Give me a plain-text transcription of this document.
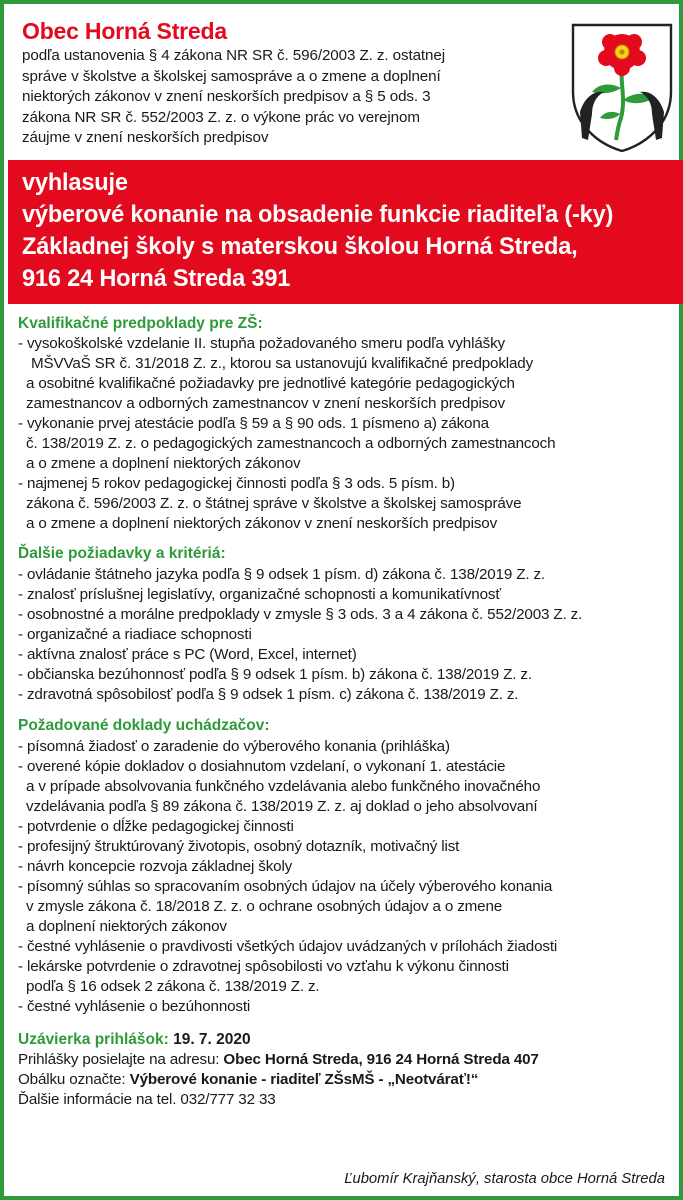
Obec Horná Streda
podľa ustanovenia § 4 zákona NR SR č. 596/2003 Z. z. ostatnej
správe v školstve a školskej samospráve a o zmene a doplnení
niektorých zákonov v znení neskorších predpisov a § 5 ods. 3
zákona NR SR č. 552/2003 Z. z. o výkone prác vo verejnom
záujme v znení neskorších predpisov

vyhlasuje

výberové konanie na obsadenie funkcie riaditeľa (-ky)

Základnej školy s materskou školou Horná Streda,

916 24 Horná Streda 391

Kvalifikačné predpoklady pre ZŠ:

- vysokoškolské vzdelanie II. stupňa požadovaného smeru podľa vyhlášky

MŠVVaŠ SR č. 31/2018 Z. z., ktorou sa ustanovujú kvalifikačné predpoklady

a osobitné kvalifikačné požiadavky pre jednotlivé kategórie pedagogických

zamestnancov a odborných zamestnancov v znení neskorších predpisov

- vykonanie prvej atestácie podľa § 59 a § 90 ods. 1 písmeno a) zákona

č. 138/2019 Z. z. o pedagogických zamestnancoch a odborných zamestnancoch

a o zmene a doplnení niektorých zákonov

- najmenej 5 rokov pedagogickej činnosti podľa § 3 ods. 5 písm. b)

zákona č. 596/2003 Z. z. o štátnej správe v školstve a školskej samospráve

a o zmene a doplnení niektorých zákonov v znení neskorších predpisov

Ďalšie požiadavky a kritériá:

- ovládanie štátneho jazyka podľa § 9 odsek 1 písm. d) zákona č. 138/2019 Z. z.

- znalosť príslušnej legislatívy, organizačné schopnosti a komunikatívnosť

- osobnostné a morálne predpoklady v zmysle § 3 ods. 3 a 4 zákona č. 552/2003 Z. z.

- organizačné a riadiace schopnosti

- aktívna znalosť práce s PC (Word, Excel, internet)

- občianska bezúhonnosť podľa § 9 odsek 1 písm. b) zákona č. 138/2019 Z. z.

- zdravotná spôsobilosť podľa § 9 odsek 1 písm. c) zákona č. 138/2019 Z. z.

Požadované doklady uchádzačov:

- písomná žiadosť o zaradenie do výberového konania (prihláška)

- overené kópie dokladov o dosiahnutom vzdelaní, o vykonaní 1. atestácie

a v prípade absolvovania funkčného vzdelávania alebo funkčného inovačného

vzdelávania podľa § 89 zákona č. 138/2019 Z. z. aj doklad o jeho absolvovaní

- potvrdenie o dĺžke pedagogickej činnosti

- profesijný štruktúrovaný životopis, osobný dotazník, motivačný list

- návrh koncepcie rozvoja základnej školy

- písomný súhlas so spracovaním osobných údajov na účely výberového konania

v zmysle zákona č. 18/2018 Z. z. o ochrane osobných údajov a o zmene

a doplnení niektorých zákonov

- čestné vyhlásenie o pravdivosti všetkých údajov uvádzaných v prílohách žiadosti

- lekárske potvrdenie o zdravotnej spôsobilosti vo vzťahu k výkonu činnosti

podľa § 16 odsek 2 zákona č. 138/2019 Z. z.

- čestné vyhlásenie o bezúhonnosti

Uzávierka prihlášok: 19. 7. 2020

Prihlášky posielajte na adresu: Obec Horná Streda, 916 24 Horná Streda 407

Obálku označte: Výberové konanie - riaditeľ ZŠsMŠ - „Neotvárať!“

Ďalšie informácie na tel. 032/777 32 33

Ľubomír Krajňanský, starosta obce Horná Streda
